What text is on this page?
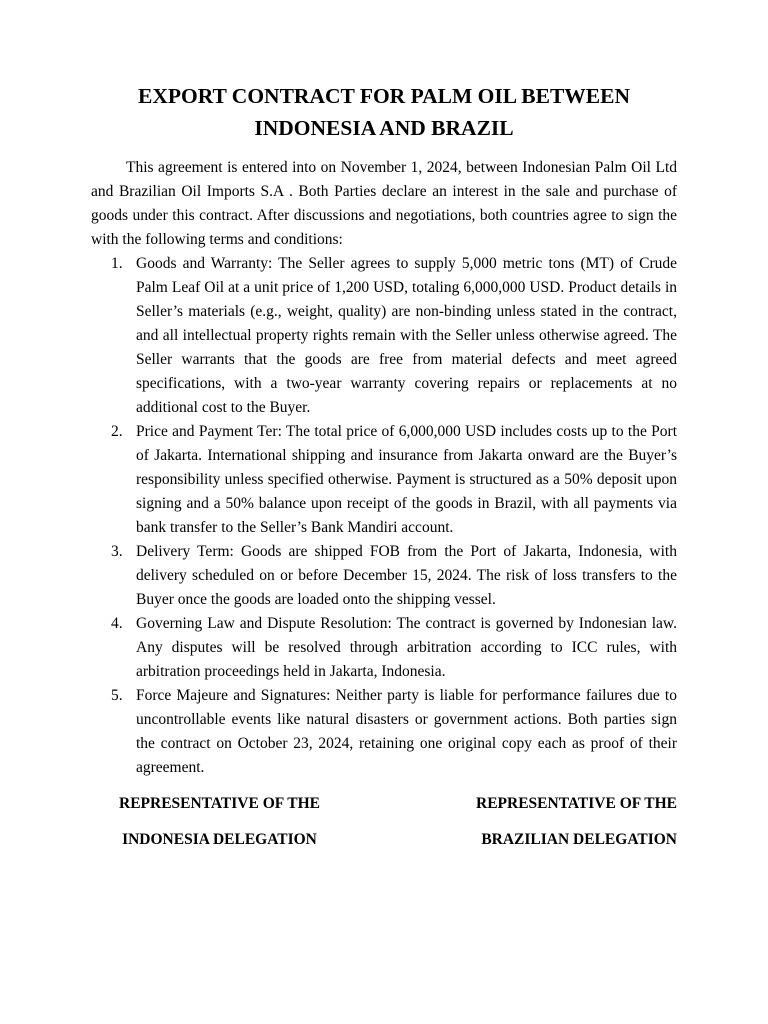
EXPORT CONTRACT FOR PALM OIL BETWEEN
INDONESIA AND BRAZIL

This agreement is entered into on November 1, 2024, between Indonesian Palm Oil Ltd and Brazilian Oil Imports S.A . Both Parties declare an interest in the sale and purchase of goods under this contract. After discussions and negotiations, both countries agree to sign the with the following terms and conditions:

1. Goods and Warranty: The Seller agrees to supply 5,000 metric tons (MT) of Crude Palm Leaf Oil at a unit price of 1,200 USD, totaling 6,000,000 USD. Product details in Seller’s materials (e.g., weight, quality) are non-binding unless stated in the contract, and all intellectual property rights remain with the Seller unless otherwise agreed. The Seller warrants that the goods are free from material defects and meet agreed specifications, with a two-year warranty covering repairs or replacements at no additional cost to the Buyer.
2. Price and Payment Ter: The total price of 6,000,000 USD includes costs up to the Port of Jakarta. International shipping and insurance from Jakarta onward are the Buyer’s responsibility unless specified otherwise. Payment is structured as a 50% deposit upon signing and a 50% balance upon receipt of the goods in Brazil, with all payments via bank transfer to the Seller’s Bank Mandiri account.
3. Delivery Term: Goods are shipped FOB from the Port of Jakarta, Indonesia, with delivery scheduled on or before December 15, 2024. The risk of loss transfers to the Buyer once the goods are loaded onto the shipping vessel.
4. Governing Law and Dispute Resolution: The contract is governed by Indonesian law. Any disputes will be resolved through arbitration according to ICC rules, with arbitration proceedings held in Jakarta, Indonesia.
5. Force Majeure and Signatures: Neither party is liable for performance failures due to uncontrollable events like natural disasters or government actions. Both parties sign the contract on October 23, 2024, retaining one original copy each as proof of their agreement.
REPRESENTATIVE OF THE
INDONESIA DELEGATION
REPRESENTATIVE OF THE
BRAZILIAN DELEGATION
